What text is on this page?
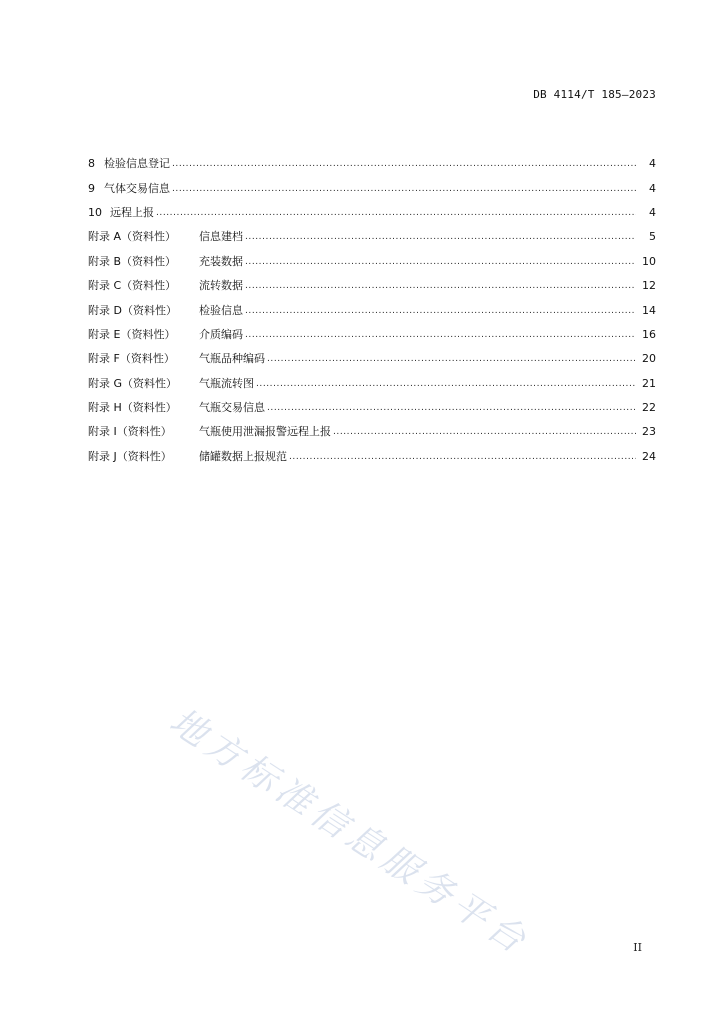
DB 4114/T 185—2023
8 检验信息登记 . . .	4
9 气体交易信息 . . .	4
10 远程上报 . . .	4
附录 A（资料性）	信息建档 . . .	5
附录 B（资料性）	充装数据 . . .	10
附录 C（资料性）	流转数据 . . .	12
附录 D（资料性）	检验信息 . . .	14
附录 E（资料性）	介质编码 . . .	16
附录 F（资料性）	气瓶品种编码 . . .	20
附录 G（资料性）	气瓶流转图 . . .	21
附录 H（资料性）	气瓶交易信息 . . .	22
附录 I（资料性）	气瓶使用泄漏报警远程上报 . . .	23
附录 J（资料性）	储罐数据上报规范 . . .	24
地方标准信息服务平台	II
